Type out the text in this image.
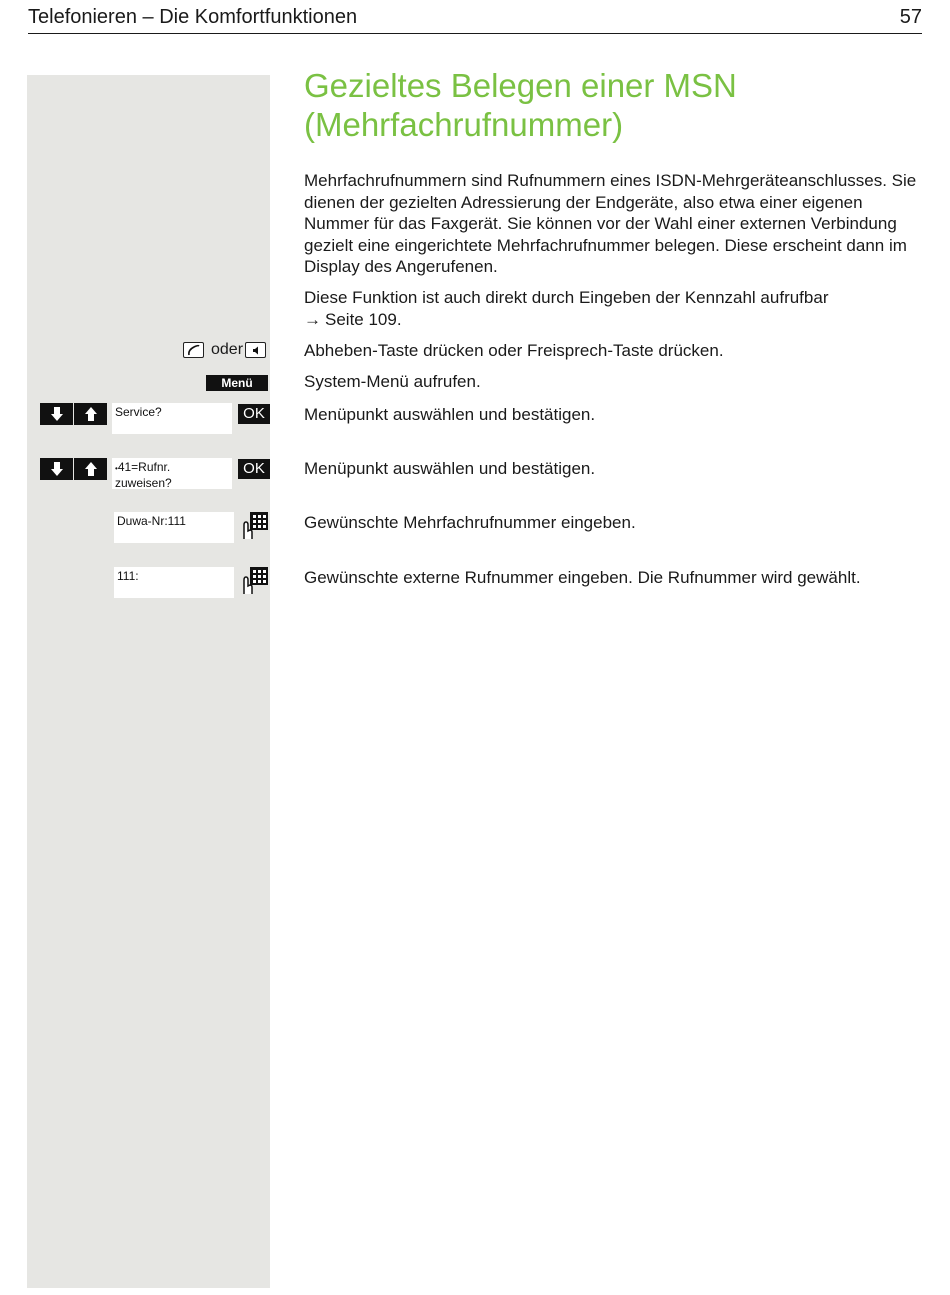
Telefonieren – Die Komfortfunktionen	57
Gezieltes Belegen einer MSN
(Mehrfachrufnummer)
Mehrfachrufnummern sind Rufnummern eines ISDN-Mehrgeräteanschlusses. Sie dienen der gezielten Adressierung der Endgeräte, also etwa einer eigenen Nummer für das Faxgerät. Sie können vor der Wahl einer externen Verbindung gezielt eine eingerichtete Mehrfachrufnummer belegen. Diese erscheint dann im Display des Angerufenen.
Diese Funktion ist auch direkt durch Eingeben der Kennzahl aufrufbar
→ Seite 109.
oder	Abheben-Taste drücken oder Freisprech-Taste drücken.
Menü	System-Menü aufrufen.
Service?	OK	Menüpunkt auswählen und bestätigen.
•41=Rufnr.
zuweisen?
OK	Menüpunkt auswählen und bestätigen.
Duwa-Nr:111	Gewünschte Mehrfachrufnummer eingeben.
111:	Gewünschte externe Rufnummer eingeben. Die Rufnummer wird gewählt.
